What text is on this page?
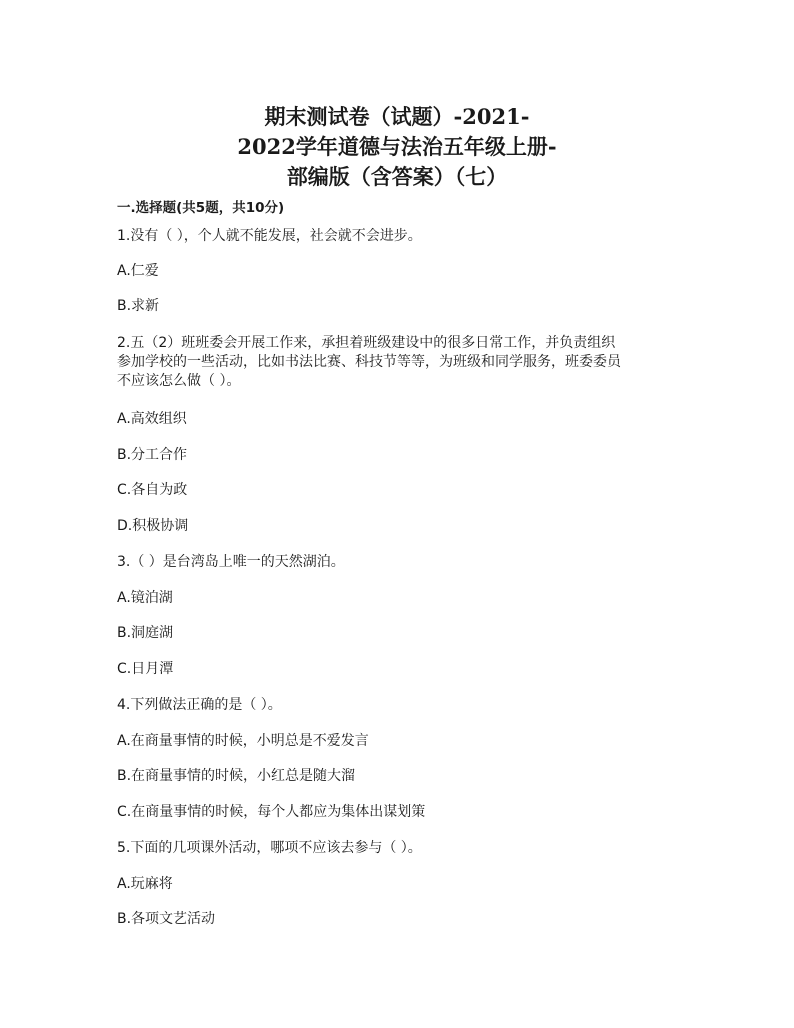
期末测试卷（试题）-2021-
2022学年道德与法治五年级上册-
部编版（含答案）（七）
一.选择题(共5题，共10分)
1.没有（ ），个人就不能发展，社会就不会进步。
A.仁爱
B.求新
2.五（2）班班委会开展工作来，承担着班级建设中的很多日常工作，并负责组织
参加学校的一些活动，比如书法比赛、科技节等等，为班级和同学服务，班委委员
不应该怎么做（ ）。
A.高效组织
B.分工合作
C.各自为政
D.积极协调
3.（ ）是台湾岛上唯一的天然湖泊。
A.镜泊湖
B.洞庭湖
C.日月潭
4.下列做法正确的是（ ）。
A.在商量事情的时候，小明总是不爱发言
B.在商量事情的时候，小红总是随大溜
C.在商量事情的时候，每个人都应为集体出谋划策
5.下面的几项课外活动，哪项不应该去参与（ ）。
A.玩麻将
B.各项文艺活动
